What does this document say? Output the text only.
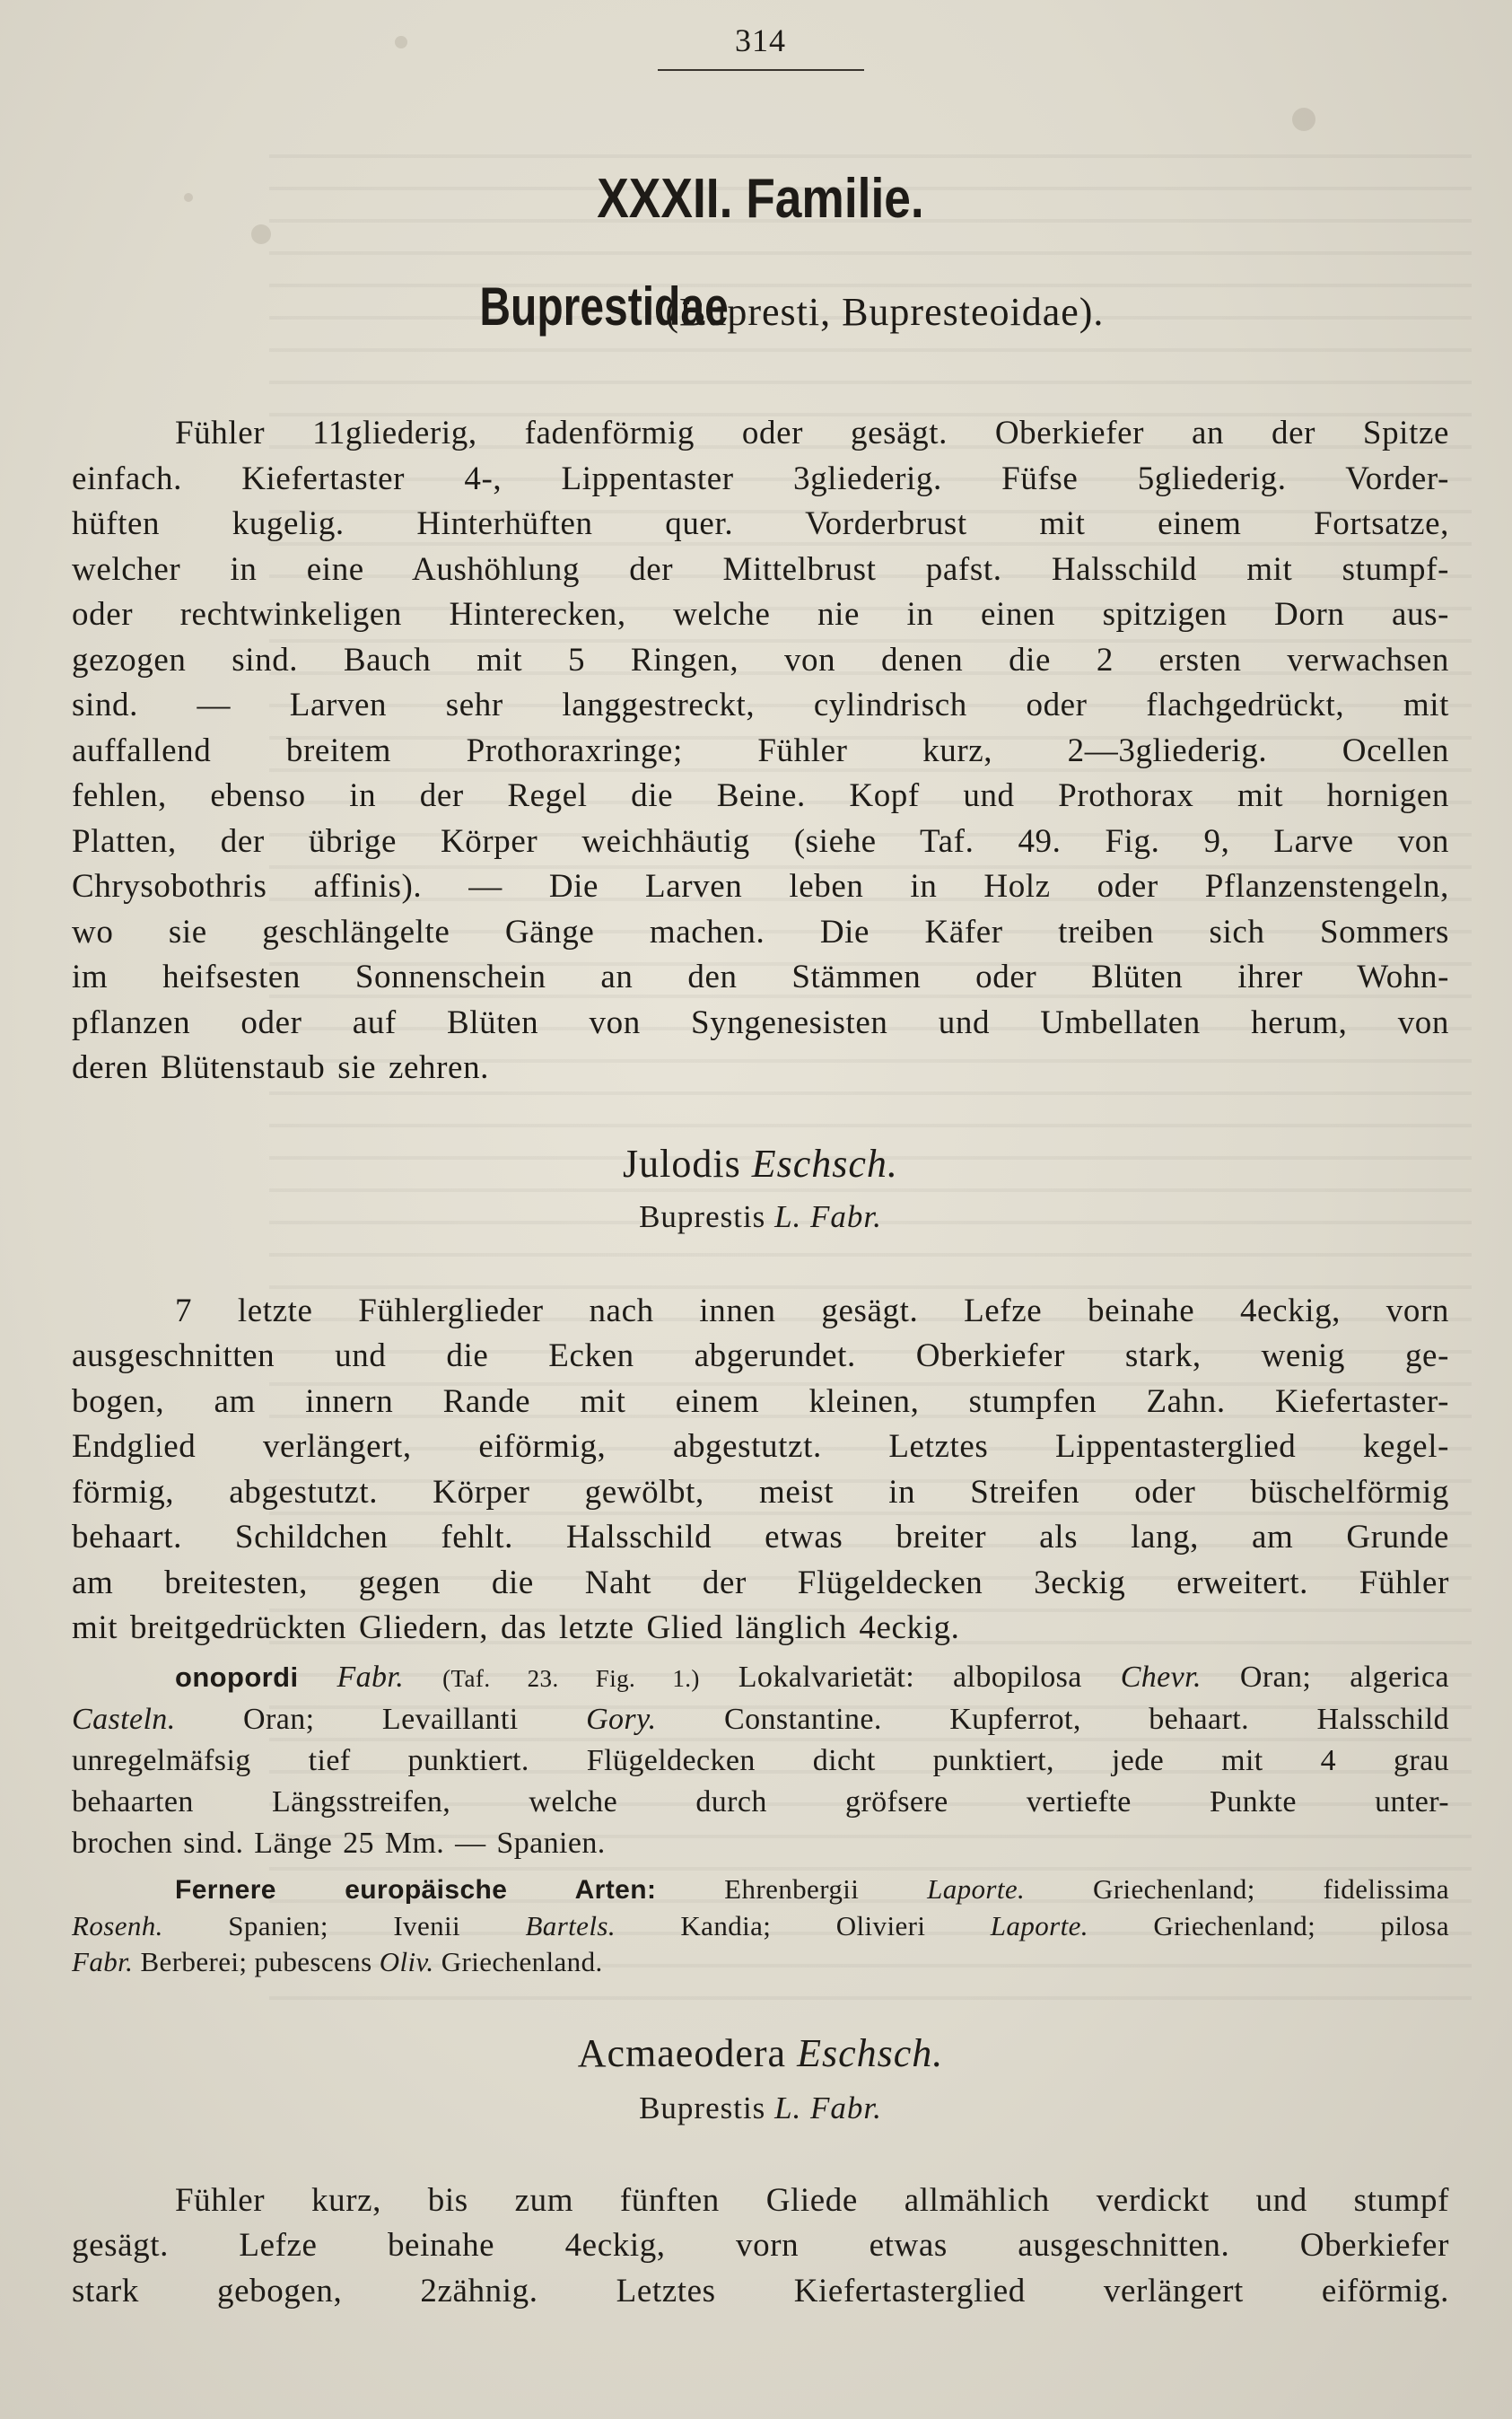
314
XXXII. Familie.
Buprestidae(Bupresti, Bupresteoidae).
Fühler 11gliederig, fadenförmig oder gesägt. Oberkiefer an der Spitze
einfach. Kiefertaster 4-, Lippentaster 3gliederig. Füfse 5gliederig. Vorder-
hüften kugelig. Hinterhüften quer. Vorderbrust mit einem Fortsatze,
welcher in eine Aushöhlung der Mittelbrust pafst. Halsschild mit stumpf-
oder rechtwinkeligen Hinterecken, welche nie in einen spitzigen Dorn aus-
gezogen sind. Bauch mit 5 Ringen, von denen die 2 ersten verwachsen
sind. — Larven sehr langgestreckt, cylindrisch oder flachgedrückt, mit
auffallend breitem Prothoraxringe; Fühler kurz, 2—3gliederig. Ocellen
fehlen, ebenso in der Regel die Beine. Kopf und Prothorax mit hornigen
Platten, der übrige Körper weichhäutig (siehe Taf. 49. Fig. 9, Larve von
Chrysobothris affinis). — Die Larven leben in Holz oder Pflanzenstengeln,
wo sie geschlängelte Gänge machen. Die Käfer treiben sich Sommers
im heifsesten Sonnenschein an den Stämmen oder Blüten ihrer Wohn-
pflanzen oder auf Blüten von Syngenesisten und Umbellaten herum, von
deren Blütenstaub sie zehren.
Julodis Eschsch.
Buprestis L. Fabr.
7 letzte Fühlerglieder nach innen gesägt. Lefze beinahe 4eckig, vorn
ausgeschnitten und die Ecken abgerundet. Oberkiefer stark, wenig ge-
bogen, am innern Rande mit einem kleinen, stumpfen Zahn. Kiefertaster-
Endglied verlängert, eiförmig, abgestutzt. Letztes Lippentasterglied kegel-
förmig, abgestutzt. Körper gewölbt, meist in Streifen oder büschelförmig
behaart. Schildchen fehlt. Halsschild etwas breiter als lang, am Grunde
am breitesten, gegen die Naht der Flügeldecken 3eckig erweitert. Fühler
mit breitgedrückten Gliedern, das letzte Glied länglich 4eckig.
onopordi Fabr. (Taf. 23. Fig. 1.) Lokalvarietät: albopilosa Chevr. Oran; algerica
Casteln. Oran; Levaillanti Gory. Constantine. Kupferrot, behaart. Halsschild
unregelmäfsig tief punktiert. Flügeldecken dicht punktiert, jede mit 4 grau
behaarten Längsstreifen, welche durch gröfsere vertiefte Punkte unter-
brochen sind. Länge 25 Mm. — Spanien.
Fernere europäische Arten: Ehrenbergii Laporte. Griechenland; fidelissima
Rosenh. Spanien; Ivenii Bartels. Kandia; Olivieri Laporte. Griechenland; pilosa
Fabr. Berberei; pubescens Oliv. Griechenland.
Acmaeodera Eschsch.
Buprestis L. Fabr.
Fühler kurz, bis zum fünften Gliede allmählich verdickt und stumpf
gesägt. Lefze beinahe 4eckig, vorn etwas ausgeschnitten. Oberkiefer
stark gebogen, 2zähnig. Letztes Kiefertasterglied verlängert eiförmig.
